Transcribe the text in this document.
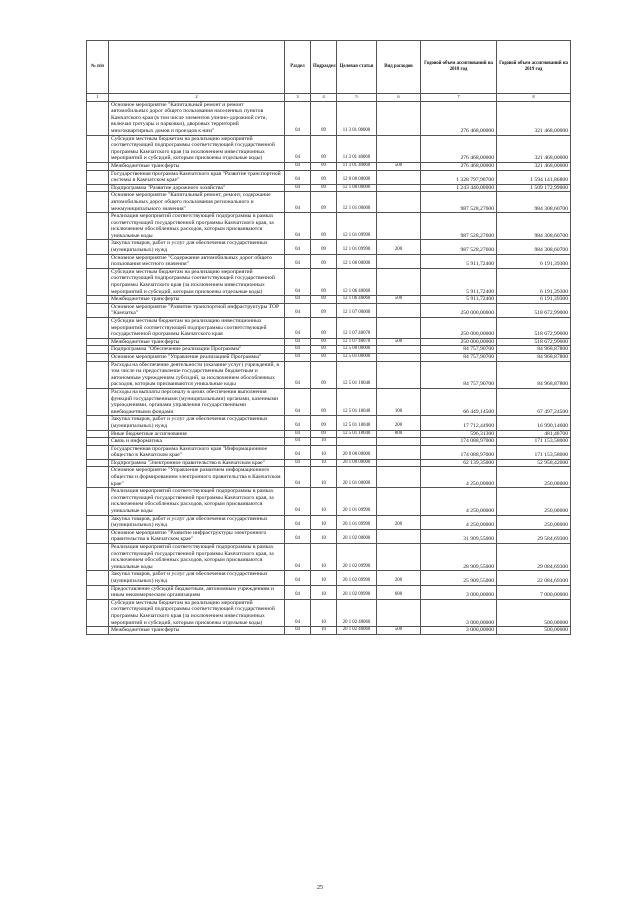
№ п/п		Раздел	Подраздел	Целевая статья	Вид расходов	Годовой объем ассигнований на 2018 год	Годовой объем ассигнований на 2019 год
1	2	3	4	5	6	7	8
	Основное мероприятие "Капитальный ремонт и ремонт автомобильных дорог общего пользования населенных пунктов Камчатского края (в том числе элементов улично-дорожной сети, включая тротуары и парковки), дворовых территорий многоквартирных домов и проездов к ним"	04	09	11 3 01 00000		276 468,00000	321 468,00000
	Субсидии местным бюджетам на реализацию мероприятий соответствующей подпрограммы соответствующей государственной программы Камчатского края (за исключением инвестиционных мероприятий и субсидий, которым присвоены отдельные коды)	04	09	11 3 01 40060		276 468,00000	321 468,00000
	Межбюджетные трансферты	04	09	11 3 01 40060	500	276 468,00000	321 468,00000
	Государственная программа Камчатского края "Развитие транспортной системы в Камчатском крае"	04	09	12 0 00 00000		1 328 797,90700	1 594 141,86800
	Подпрограмма "Развитие дорожного хозяйства"	04	09	12 1 00 00000		1 243 440,00000	1 509 172,99000
	Основное мероприятие "Капитальный ремонт, ремонт, содержание автомобильных дорог общего пользования регионального и межмуниципального значения"	04	09	12 1 01 00000		987 528,27600	984 308,60700
	Реализация мероприятий соответствующей подпрограммы в рамках соответствующей государственной программы Камчатского края, за исключением обособленных расходов, которым присваиваются уникальные коды	04	09	12 1 01 09990		987 528,27600	984 308,60700
	Закупка товаров, работ и услуг для обеспечения государственных (муниципальных) нужд	04	09	12 1 01 09990	200	987 528,27600	984 308,60700
	Основное мероприятие "Содержание автомобильных дорог общего пользования местного значения"	04	09	12 1 06 00000		5 911,72400	6 191,39300
	Субсидии местным бюджетам на реализацию мероприятий соответствующей подпрограммы соответствующей государственной программы Камчатского края (за исключением инвестиционных мероприятий и субсидий, которым присвоены отдельные коды)	04	09	12 1 06 40060		5 911,72400	6 191,39300
	Межбюджетные трансферты	04	09	12 1 06 40060	500	5 911,72400	6 191,39300
	Основное мероприятие "Развитие транспортной инфраструктуры ТОР "Камчатка"	04	09	12 1 07 00000		250 000,00000	518 672,99000
	Субсидии местным бюджетам на реализацию инвестиционных мероприятий соответствующей подпрограммы соответствующей государственной программы Камчатского края	04	09	12 1 07 40070		250 000,00000	518 672,99000
	Межбюджетные трансферты	04	09	12 1 07 40070	500	250 000,00000	518 672,99000
	Подпрограмма "Обеспечение реализации Программы"	04	09	12 5 00 00000		84 757,90700	84 968,87800
	Основное мероприятие "Управление реализацией Программы"	04	09	12 5 01 00000		84 757,90700	84 968,87800
	Расходы на обеспечение деятельности (оказание услуг) учреждений, в том числе на предоставление государственным бюджетным и автономным учреждениям субсидий, за исключением обособленных расходов, которым присваиваются уникальные коды	04	09	12 5 01 10040		84 757,90700	84 968,87800
	Расходы на выплаты персоналу в целях обеспечения выполнения функций государственными (муниципальными) органами, казенными учреждениями, органами управления государственными внебюджетными фондами	04	09	12 5 01 10040	100	66 449,14500	67 497,24500
	Закупка товаров, работ и услуг для обеспечения государственных (муниципальных) нужд	04	09	12 5 01 10040	200	17 712,44900	16 990,14600
	Иные бюджетные ассигнования	04	09	12 5 01 10040	800	596,31300	481,48700
	Связь и информатика	04	10			174 088,97000	171 153,58000
	Государственная программа Камчатского края "Информационное общество в Камчатском крае"	04	10	20 0 00 00000		174 088,97000	171 153,58000
	Подпрограмма "Электронное правительство в Камчатском крае"	04	10	20 1 00 00000		62 139,35000	52 958,42000
	Основное мероприятие "Управление развитием информационного общества и формированием электронного правительства в Камчатском крае"	04	10	20 1 01 00000		4 250,00000	250,00000
	Реализация мероприятий соответствующей подпрограммы в рамках соответствующей государственной программы Камчатского края, за исключением обособленных расходов, которым присваиваются уникальные коды	04	10	20 1 01 09990		4 250,00000	250,00000
	Закупка товаров, работ и услуг для обеспечения государственных (муниципальных) нужд	04	10	20 1 01 09990	200	4 250,00000	250,00000
	Основное мероприятие "Развитие инфраструктуры электронного правительства в Камчатском крае"	04	10	20 1 02 00000		31 909,55000	29 584,69300
	Реализация мероприятий соответствующей подпрограммы в рамках соответствующей государственной программы Камчатского края, за исключением обособленных расходов, которым присваиваются уникальные коды	04	10	20 1 02 09990		28 909,55000	29 084,69300
	Закупка товаров, работ и услуг для обеспечения государственных (муниципальных) нужд	04	10	20 1 02 09990	200	25 909,55000	22 084,69300
	Предоставление субсидий бюджетным, автономным учреждениям и иным некоммерческим организациям	04	10	20 1 02 09990	600	3 000,00000	7 000,00000
	Субсидии местным бюджетам на реализацию мероприятий соответствующей подпрограммы соответствующей государственной программы Камчатского края (за исключением инвестиционных мероприятий и субсидий, которым присвоены отдельные коды)	04	10	20 1 02 40060		3 000,00000	500,00000
	Межбюджетные трансферты	04	10	20 1 02 40060	500	3 000,00000	500,00000
25
